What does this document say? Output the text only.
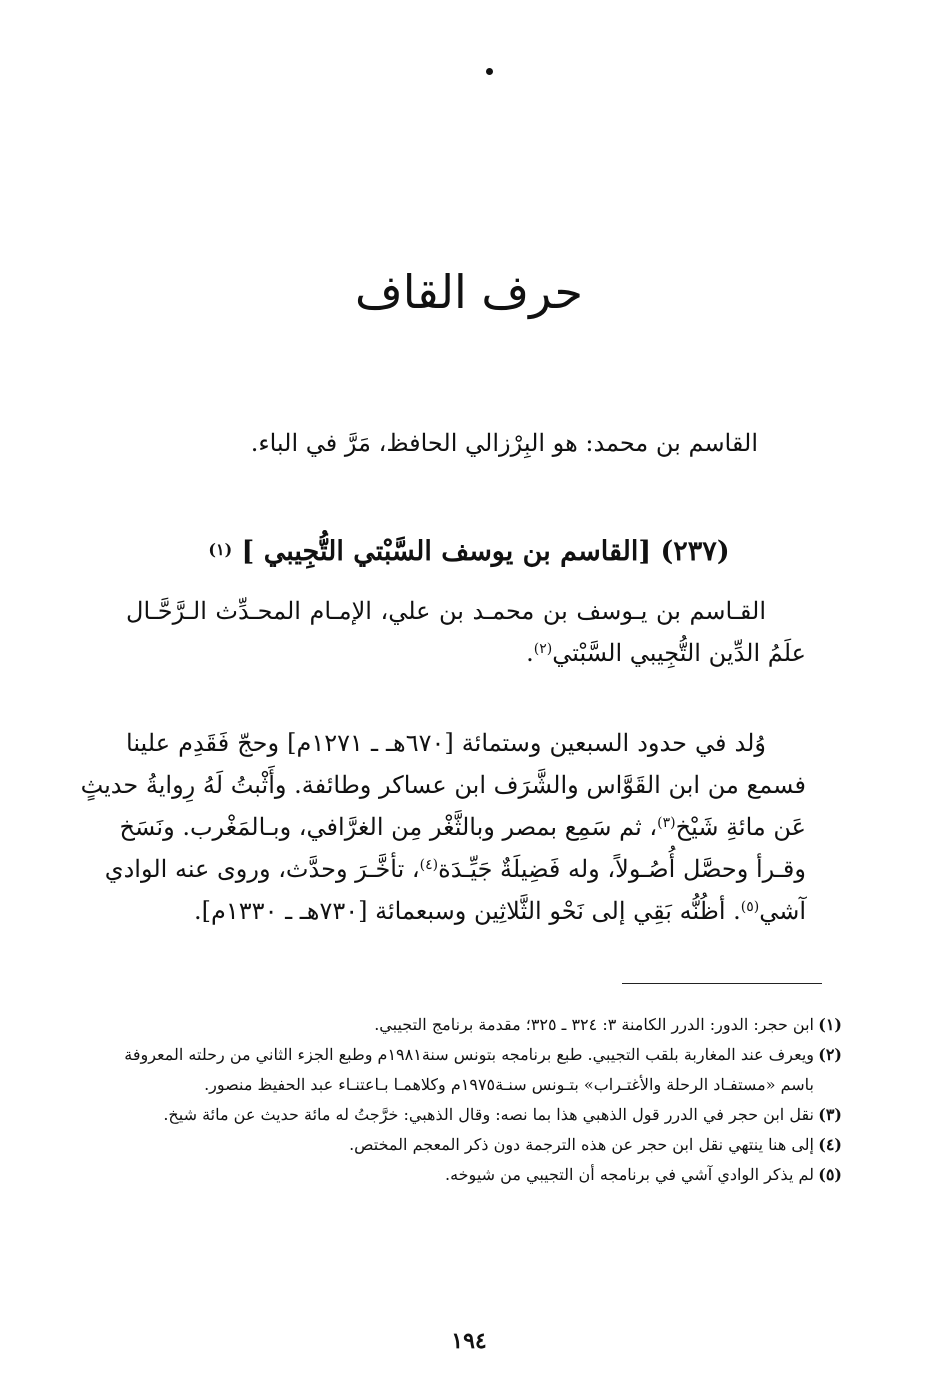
حرف القاف
القاسم بن محمد: هو البِرْزالي الحافظ، مَرَّ في الباء.
(٢٣٧) [القاسم بن يوسف السَّبْتي التُّجِيبي ] $^{(١)}$
القـاسم بن يـوسف بن محمـد بن علي، الإمـام المحـدِّث الـرَّحَّـال
علَمُ الدِّين التُّجِيبي السَّبْتي$^{(٢)}$.
وُلد في حدود السبعين وستمائة [٦٧٠هـ ـ ١٢٧١م] وحجّ فَقَدِم علينا
فسمع من ابن القَوَّاس والشَّرَف ابن عساكر وطائفة. وأَثْبتُ لَهُ رِوايةُ حديثٍ
عَن مائةِ شَيْخ$^{(٣)}$، ثم سَمِع بمصر وبالثَّغْر مِن الغرَّافي، وبـالمَغْرب. ونَسَخ
وقـرأ وحصَّل أُصُـولاً، وله فَضِيلَةٌ جَيِّـدَة$^{(٤)}$، تأخَّـرَ وحدَّث، وروى عنه الوادي
آشي$^{(٥)}$. أظُنُّه بَقِي إلى نَحْو الثَّلاثِين وسبعمائة [٧٣٠هـ ـ ١٣٣٠م].

(١)ابن حجر: الدور: الدرر الكامنة ٣: ٣٢٤ ـ ٣٢٥؛ مقدمة برنامج التجيبي.

(٢)ويعرف عند المغاربة بلقب التجيبي. طبع برنامجه بتونس سنة١٩٨١م وطبع الجزء الثاني من رحلته المعروفة باسم «مستفـاد الرحلة والأغتـراب» بتـونس سنـة١٩٧٥م وكلاهمـا بـاعتنـاء عبد الحفيظ منصور.

(٣)نقل ابن حجر في الدرر قول الذهبي هذا بما نصه: وقال الذهبي: خرَّجتُ له مائة حديث عن مائة شيخ.

(٤)إلى هنا ينتهي نقل ابن حجر عن هذه الترجمة دون ذكر المعجم المختص.

(٥)لم يذكر الوادي آشي في برنامجه أن التجيبي من شيوخه.

١٩٤
